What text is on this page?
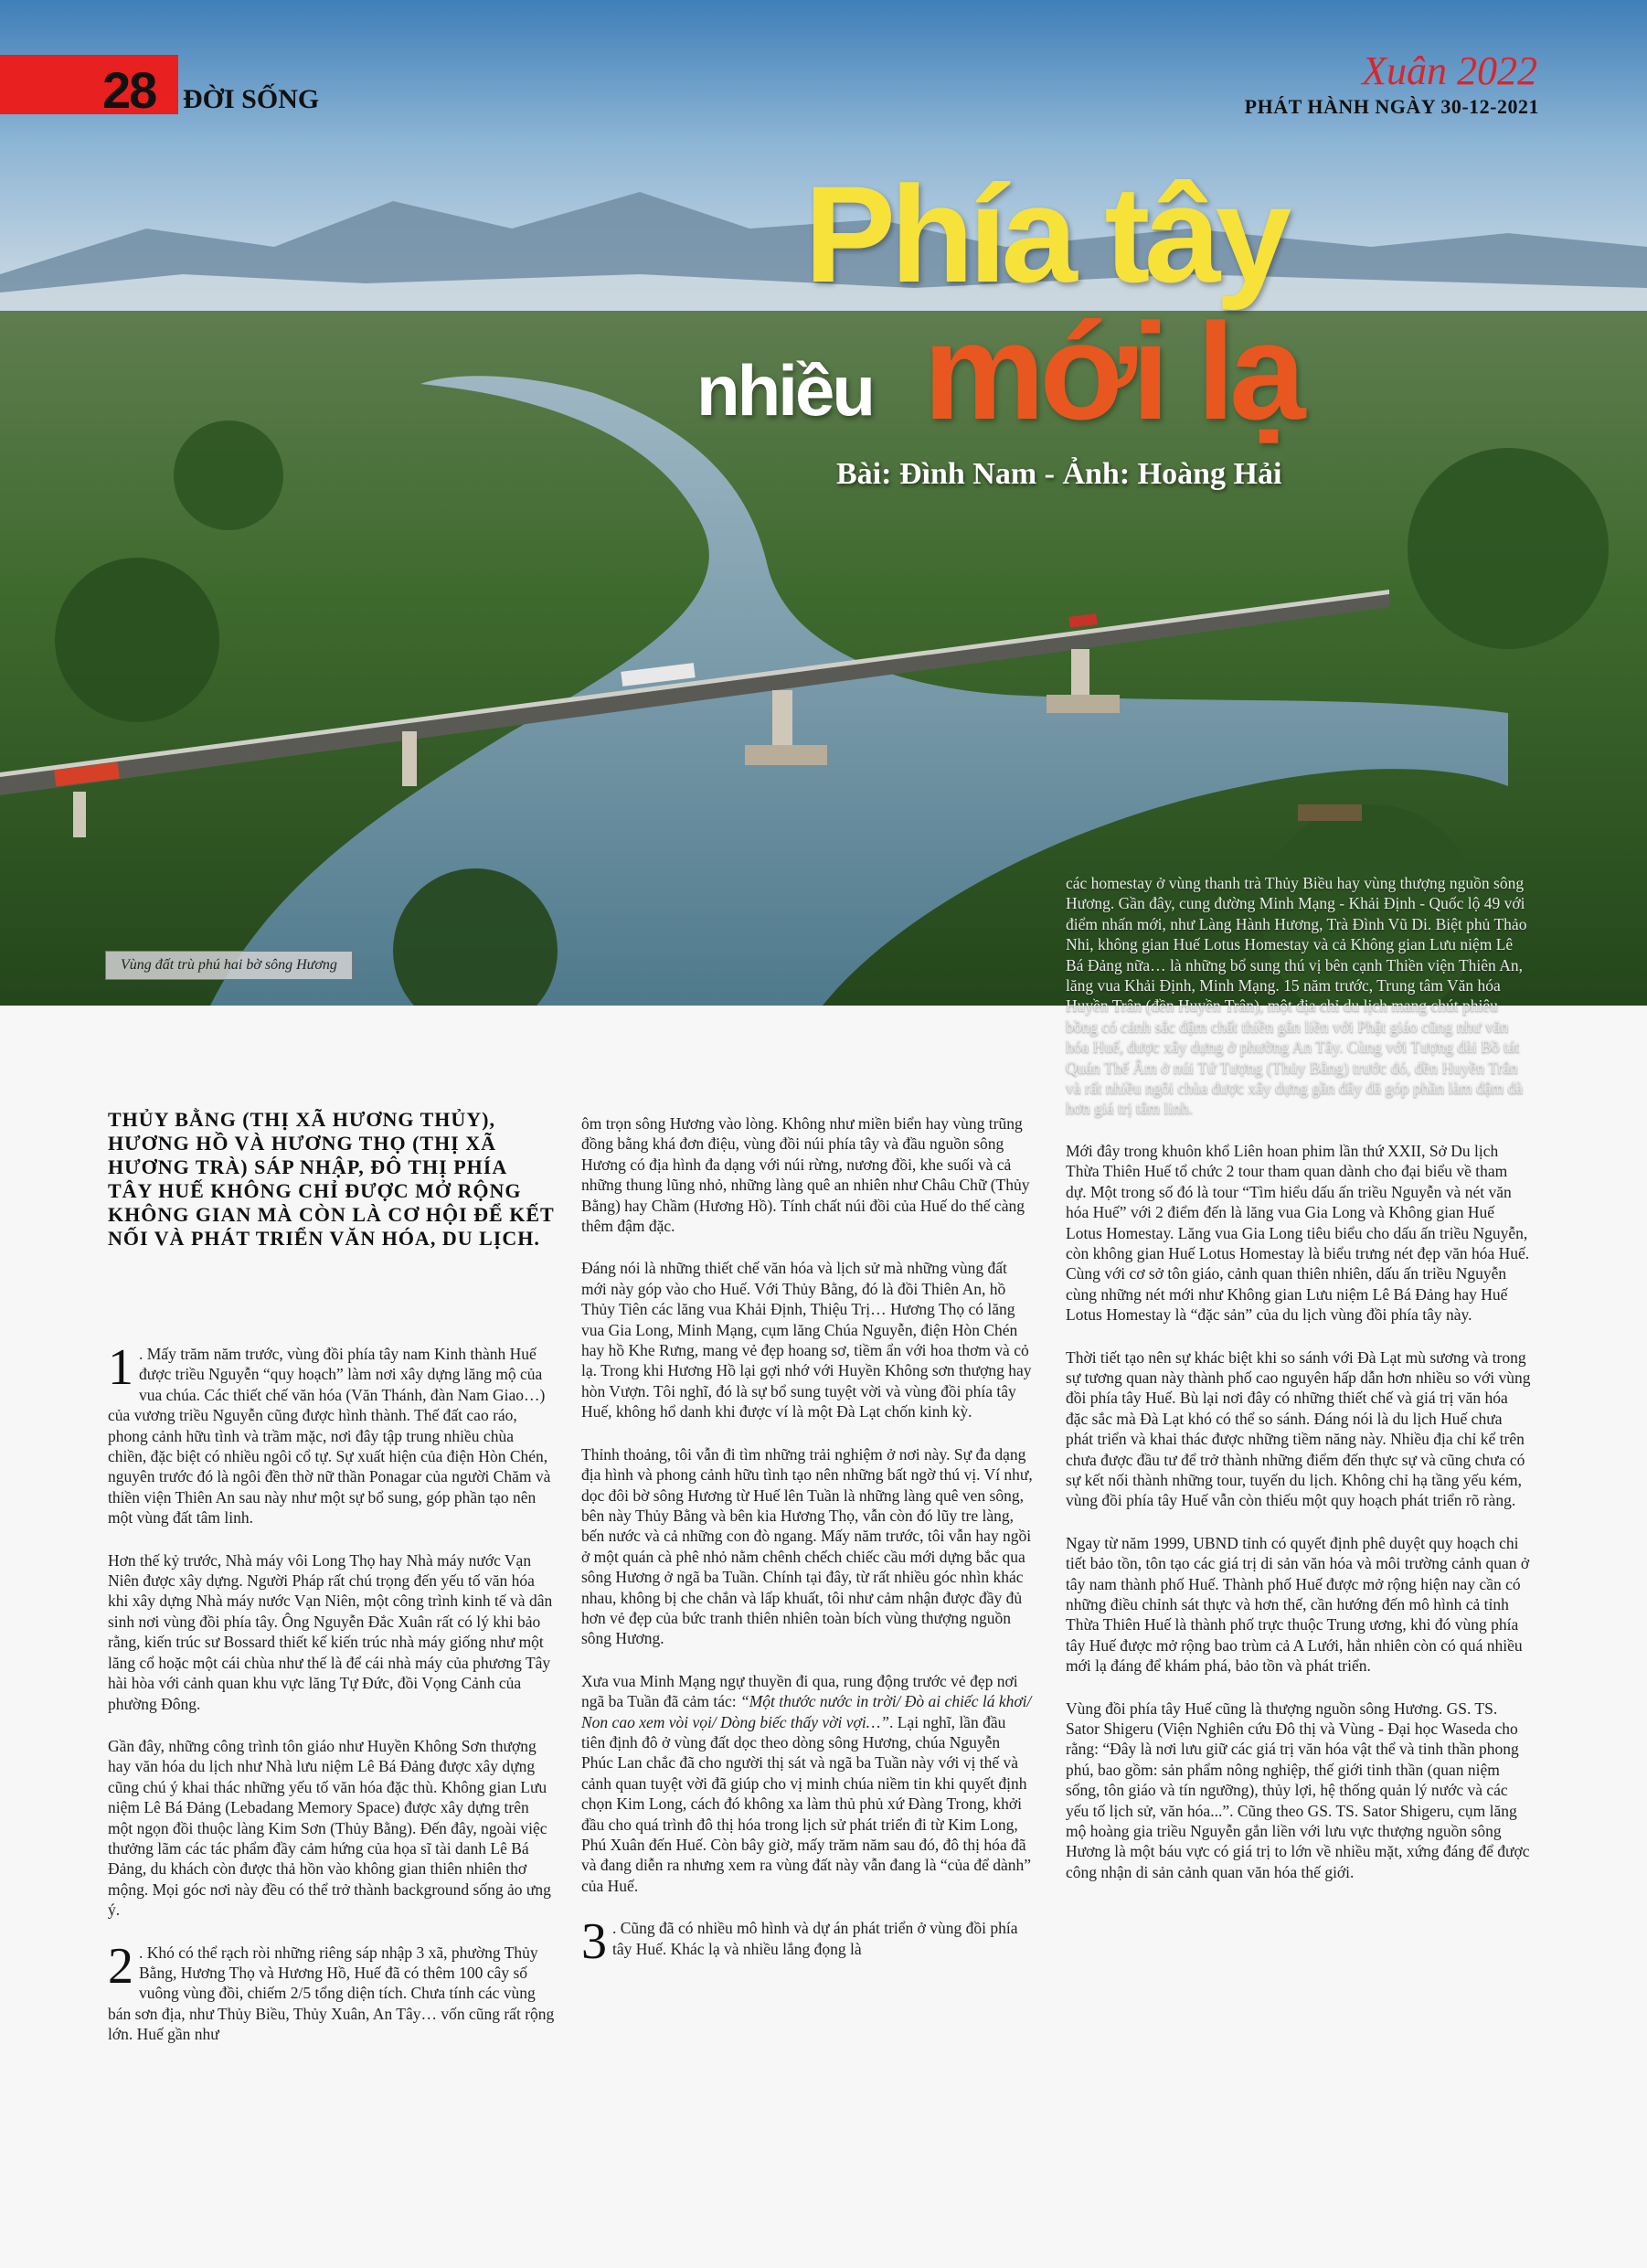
28 ĐỜI SỐNG
Xuân 2022
PHÁT HÀNH NGÀY 30-12-2021
Phía tây
nhiều mới lạ
Bài: Đình Nam - Ảnh: Hoàng Hải
Vùng đất trù phú hai bờ sông Hương
THỦY BẰNG (THỊ XÃ HƯƠNG THỦY), HƯƠNG HỒ VÀ HƯƠNG THỌ (THỊ XÃ HƯƠNG TRÀ) SÁP NHẬP, ĐÔ THỊ PHÍA TÂY HUẾ KHÔNG CHỈ ĐƯỢC MỞ RỘNG KHÔNG GIAN MÀ CÒN LÀ CƠ HỘI ĐỂ KẾT NỐI VÀ PHÁT TRIỂN VĂN HÓA, DU LỊCH.

1 . Mấy trăm năm trước, vùng đồi phía tây nam Kinh thành Huế được triều Nguyễn “quy hoạch” làm nơi xây dựng lăng mộ của vua chúa. Các thiết chế văn hóa (Văn Thánh, đàn Nam Giao…) của vương triều Nguyễn cũng được hình thành. Thế đất cao ráo, phong cảnh hữu tình và trầm mặc, nơi đây tập trung nhiều chùa chiền, đặc biệt có nhiều ngôi cổ tự. Sự xuất hiện của điện Hòn Chén, nguyên trước đó là ngôi đền thờ nữ thần Ponagar của người Chăm và thiền viện Thiên An sau này như một sự bổ sung, góp phần tạo nên một vùng đất tâm linh.

Hơn thế kỷ trước, Nhà máy vôi Long Thọ hay Nhà máy nước Vạn Niên được xây dựng. Người Pháp rất chú trọng đến yếu tố văn hóa khi xây dựng Nhà máy nước Vạn Niên, một công trình kinh tế và dân sinh nơi vùng đồi phía tây. Ông Nguyễn Đắc Xuân rất có lý khi bảo rằng, kiến trúc sư Bossard thiết kế kiến trúc nhà máy giống như một lăng cổ hoặc một cái chùa như thế là để cái nhà máy của phương Tây hài hòa với cảnh quan khu vực lăng Tự Đức, đồi Vọng Cảnh của phường Đông.

Gần đây, những công trình tôn giáo như Huyền Không Sơn thượng hay văn hóa du lịch như Nhà lưu niệm Lê Bá Đảng được xây dựng cũng chú ý khai thác những yếu tố văn hóa đặc thù. Không gian Lưu niệm Lê Bá Đảng (Lebadang Memory Space) được xây dựng trên một ngọn đồi thuộc làng Kim Sơn (Thủy Bằng). Đến đây, ngoài việc thưởng lãm các tác phẩm đầy cảm hứng của họa sĩ tài danh Lê Bá Đảng, du khách còn được thả hồn vào không gian thiên nhiên thơ mộng. Mọi góc nơi này đều có thể trở thành background sống ảo ưng ý.

2 . Khó có thể rạch ròi những riêng sáp nhập 3 xã, phường Thủy Bằng, Hương Thọ và Hương Hồ, Huế đã có thêm 100 cây số vuông vùng đồi, chiếm 2/5 tổng diện tích. Chưa tính các vùng bán sơn địa, như Thủy Biều, Thủy Xuân, An Tây… vốn cũng rất rộng lớn. Huế gần như

ôm trọn sông Hương vào lòng. Không như miền biển hay vùng trũng đồng bằng khá đơn điệu, vùng đồi núi phía tây và đầu nguồn sông Hương có địa hình đa dạng với núi rừng, nương đồi, khe suối và cả những thung lũng nhỏ, những làng quê an nhiên như Châu Chữ (Thủy Bằng) hay Chầm (Hương Hồ). Tính chất núi đồi của Huế do thế càng thêm đậm đặc.

Đáng nói là những thiết chế văn hóa và lịch sử mà những vùng đất mới này góp vào cho Huế. Với Thủy Bằng, đó là đồi Thiên An, hồ Thủy Tiên các lăng vua Khải Định, Thiệu Trị… Hương Thọ có lăng vua Gia Long, Minh Mạng, cụm lăng Chúa Nguyễn, điện Hòn Chén hay hồ Khe Rưng, mang vẻ đẹp hoang sơ, tiềm ẩn với hoa thơm và cỏ lạ. Trong khi Hương Hồ lại gợi nhớ với Huyền Không sơn thượng hay hòn Vượn. Tôi nghĩ, đó là sự bổ sung tuyệt vời và vùng đồi phía tây Huế, không hổ danh khi được ví là một Đà Lạt chốn kinh kỳ.

Thỉnh thoảng, tôi vẫn đi tìm những trải nghiệm ở nơi này. Sự đa dạng địa hình và phong cảnh hữu tình tạo nên những bất ngờ thú vị. Ví như, dọc đôi bờ sông Hương từ Huế lên Tuần là những làng quê ven sông, bên này Thủy Bằng và bên kia Hương Thọ, vẫn còn đó lũy tre làng, bến nước và cả những con đò ngang. Mấy năm trước, tôi vẫn hay ngồi ở một quán cà phê nhỏ nằm chênh chếch chiếc cầu mới dựng bắc qua sông Hương ở ngã ba Tuần. Chính tại đây, từ rất nhiều góc nhìn khác nhau, không bị che chắn và lấp khuất, tôi như cảm nhận được đầy đủ hơn vẻ đẹp của bức tranh thiên nhiên toàn bích vùng thượng nguồn sông Hương.

Xưa vua Minh Mạng ngự thuyền đi qua, rung động trước vẻ đẹp nơi ngã ba Tuần đã cảm tác: “Một thước nước in trời/ Đò ai chiếc lá khơi/ Non cao xem vòi vọi/ Dòng biếc thấy vời vợi…”. Lại nghĩ, lần đầu tiên định đô ở vùng đất dọc theo dòng sông Hương, chúa Nguyễn Phúc Lan chắc đã cho người thị sát và ngã ba Tuần này với vị thế và cảnh quan tuyệt vời đã giúp cho vị minh chúa niềm tin khi quyết định chọn Kim Long, cách đó không xa làm thủ phủ xứ Đàng Trong, khởi đầu cho quá trình đô thị hóa trong lịch sử phát triển đi từ Kim Long, Phú Xuân đến Huế. Còn bây giờ, mấy trăm năm sau đó, đô thị hóa đã và đang diễn ra nhưng xem ra vùng đất này vẫn đang là “của để dành” của Huế.

3 . Cũng đã có nhiều mô hình và dự án phát triển ở vùng đồi phía tây Huế. Khác lạ và nhiều lắng đọng là

các homestay ở vùng thanh trà Thủy Biều hay vùng thượng nguồn sông Hương. Gần đây, cung đường Minh Mạng - Khải Định - Quốc lộ 49 với điểm nhấn mới, như Làng Hành Hương, Trà Đình Vũ Di. Biệt phủ Thảo Nhi, không gian Huế Lotus Homestay và cả Không gian Lưu niệm Lê Bá Đảng nữa… là những bổ sung thú vị bên cạnh Thiền viện Thiên An, lăng vua Khải Định, Minh Mạng. 15 năm trước, Trung tâm Văn hóa Huyền Trân (đền Huyền Trân), một địa chỉ du lịch mang chút phiêu bồng có cảnh sắc đậm chất thiền gắn liền với Phật giáo cũng như văn hóa Huế, được xây dựng ở phường An Tây. Cùng với Tượng đài Bồ tát Quán Thế Âm ở núi Tứ Tượng (Thủy Bằng) trước đó, đền Huyền Trân và rất nhiều ngôi chùa được xây dựng gần đây đã góp phần làm đậm đà hơn giá trị tâm linh.

Mới đây trong khuôn khổ Liên hoan phim lần thứ XXII, Sở Du lịch Thừa Thiên Huế tổ chức 2 tour tham quan dành cho đại biểu về tham dự. Một trong số đó là tour “Tìm hiểu dấu ấn triều Nguyễn và nét văn hóa Huế” với 2 điểm đến là lăng vua Gia Long và Không gian Huế Lotus Homestay. Lăng vua Gia Long tiêu biểu cho dấu ấn triều Nguyễn, còn không gian Huế Lotus Homestay là biểu trưng nét đẹp văn hóa Huế. Cùng với cơ sở tôn giáo, cảnh quan thiên nhiên, dấu ấn triều Nguyễn cùng những nét mới như Không gian Lưu niệm Lê Bá Đảng hay Huế Lotus Homestay là “đặc sản” của du lịch vùng đồi phía tây này.

Thời tiết tạo nên sự khác biệt khi so sánh với Đà Lạt mù sương và trong sự tương quan này thành phố cao nguyên hấp dẫn hơn nhiều so với vùng đồi phía tây Huế. Bù lại nơi đây có những thiết chế và giá trị văn hóa đặc sắc mà Đà Lạt khó có thể so sánh. Đáng nói là du lịch Huế chưa phát triển và khai thác được những tiềm năng này. Nhiều địa chỉ kể trên chưa được đầu tư để trở thành những điểm đến thực sự và cũng chưa có sự kết nối thành những tour, tuyến du lịch. Không chỉ hạ tầng yếu kém, vùng đồi phía tây Huế vẫn còn thiếu một quy hoạch phát triển rõ ràng.

Ngay từ năm 1999, UBND tỉnh có quyết định phê duyệt quy hoạch chi tiết bảo tồn, tôn tạo các giá trị di sản văn hóa và môi trường cảnh quan ở tây nam thành phố Huế. Thành phố Huế được mở rộng hiện nay cần có những điều chỉnh sát thực và hơn thế, cần hướng đến mô hình cả tỉnh Thừa Thiên Huế là thành phố trực thuộc Trung ương, khi đó vùng phía tây Huế được mở rộng bao trùm cả A Lưới, hẳn nhiên còn có quá nhiều mới lạ đáng để khám phá, bảo tồn và phát triển.

Vùng đồi phía tây Huế cũng là thượng nguồn sông Hương. GS. TS. Sator Shigeru (Viện Nghiên cứu Đô thị và Vùng - Đại học Waseda cho rằng: “Đây là nơi lưu giữ các giá trị văn hóa vật thể và tinh thần phong phú, bao gồm: sản phẩm nông nghiệp, thế giới tinh thần (quan niệm sống, tôn giáo và tín ngưỡng), thủy lợi, hệ thống quản lý nước và các yếu tố lịch sử, văn hóa...”. Cũng theo GS. TS. Sator Shigeru, cụm lăng mộ hoàng gia triều Nguyễn gắn liền với lưu vực thượng nguồn sông Hương là một báu vực có giá trị to lớn về nhiều mặt, xứng đáng để được công nhận di sản cảnh quan văn hóa thế giới.
